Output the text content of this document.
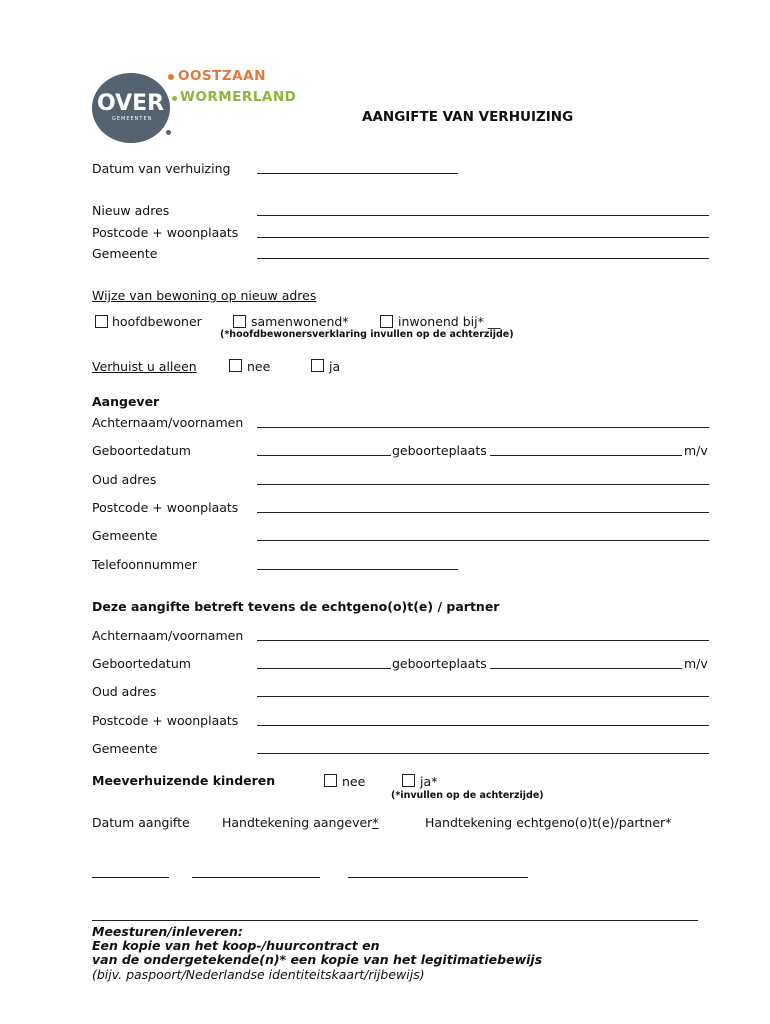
OVER
GEMEENTEN
OOSTZAAN
WORMERLAND
AANGIFTE VAN VERHUIZING
Datum van verhuizing
Nieuw adres
Postcode + woonplaats
Gemeente
Wijze van bewoning op nieuw adres
hoofdbewoner	samenwonend*	inwonend bij* __
(*hoofdbewonersverklaring invullen op de achterzijde)
Verhuist u alleen	nee	ja
Aangever
Achternaam/voornamen
Geboortedatum	geboorteplaats	m/v
Oud adres
Postcode + woonplaats
Gemeente
Telefoonnummer
Deze aangifte betreft tevens de echtgeno(o)t(e) / partner
Achternaam/voornamen
Geboortedatum	geboorteplaats	m/v
Oud adres
Postcode + woonplaats
Gemeente
Meeverhuizende kinderen	nee	ja*
(*invullen op de achterzijde)
Datum aangifte	Handtekening aangever*	Handtekening echtgeno(o)t(e)/partner*
Meesturen/inleveren:
Een kopie van het koop-/huurcontract en
van de ondergetekende(n)* een kopie van het legitimatiebewijs
(bijv. paspoort/Nederlandse identiteitskaart/rijbewijs)
